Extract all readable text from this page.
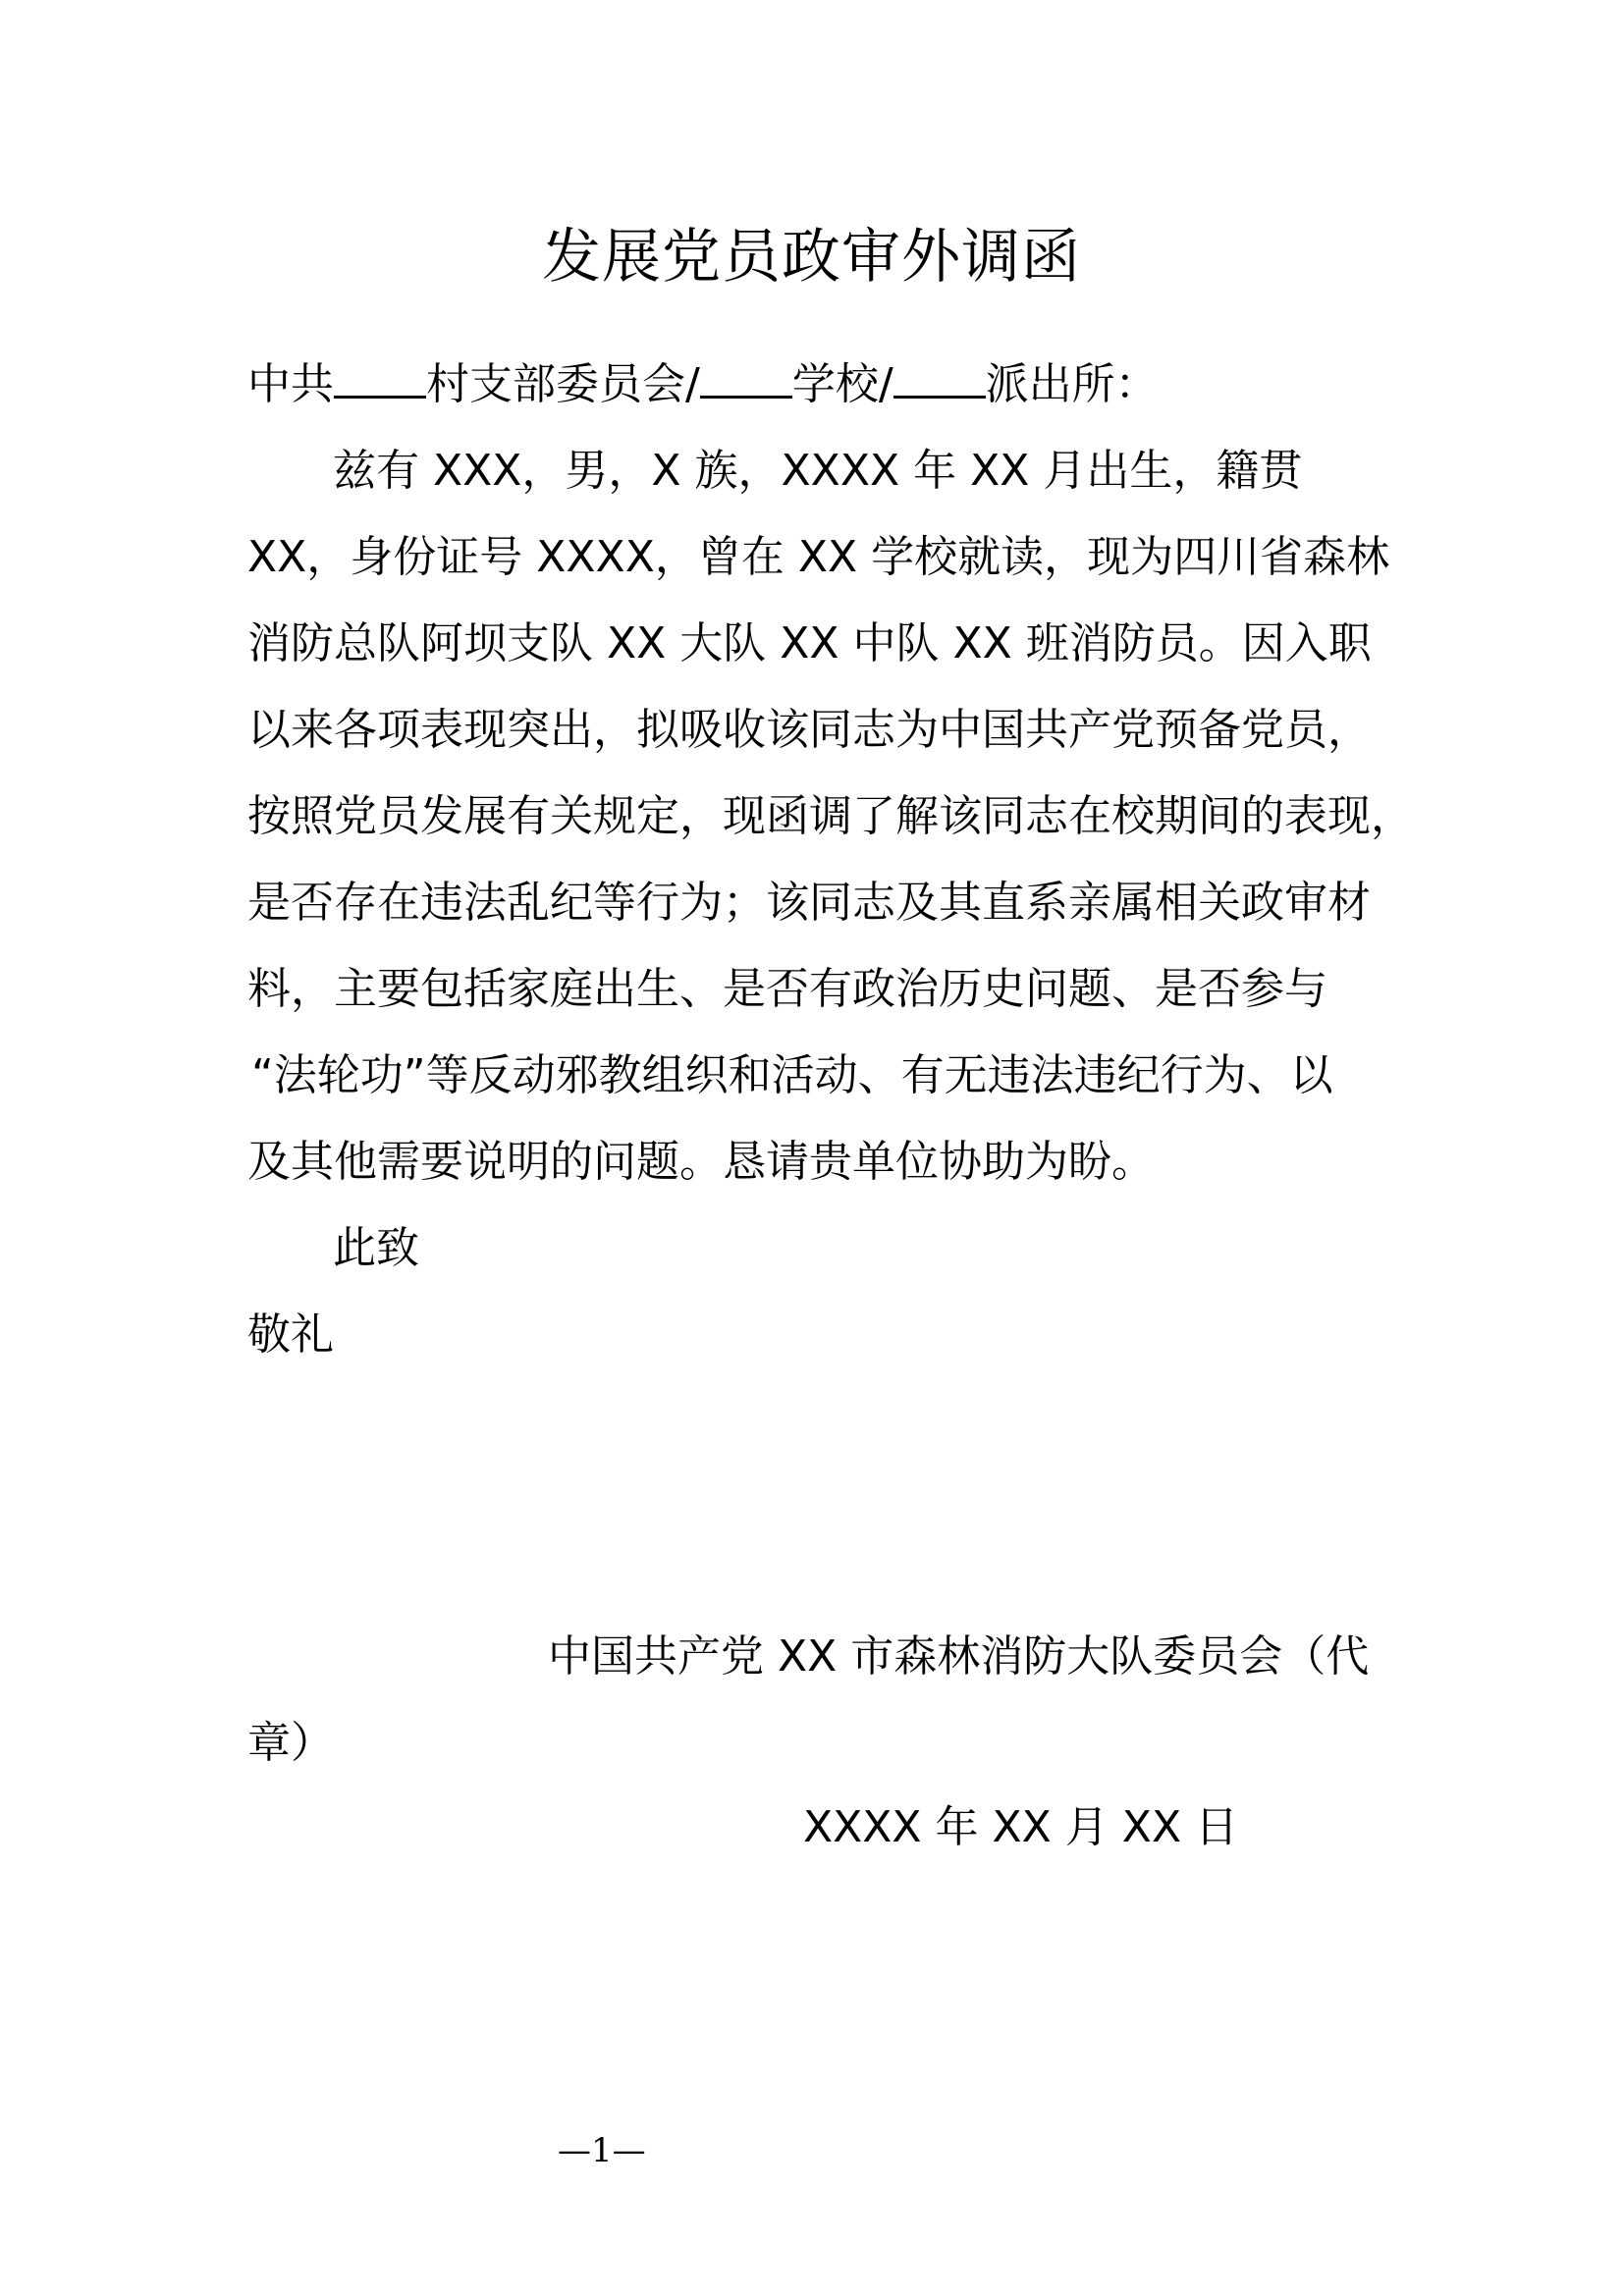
发展党员政审外调函

中共 村支部委员会/ 学校/ 派出所：

兹有 XXX，男，X 族，XXXX 年 XX 月出生，籍贯

XX，身份证号 XXXX，曾在 XX 学校就读，现为四川省森林

消防总队阿坝支队 XX 大队 XX 中队 XX 班消防员。因入职

以来各项表现突出，拟吸收该同志为中国共产党预备党员，

按照党员发展有关规定，现函调了解该同志在校期间的表现，

是否存在违法乱纪等行为；该同志及其直系亲属相关政审材

料，主要包括家庭出生、是否有政治历史问题、是否参与

“法轮功”等反动邪教组织和活动、有无违法违纪行为、以

及其他需要说明的问题。恳请贵单位协助为盼。

此致

敬礼

中国共产党 XX 市森林消防大队委员会（代

章）

XXXX 年 XX 月 XX 日

—1—
